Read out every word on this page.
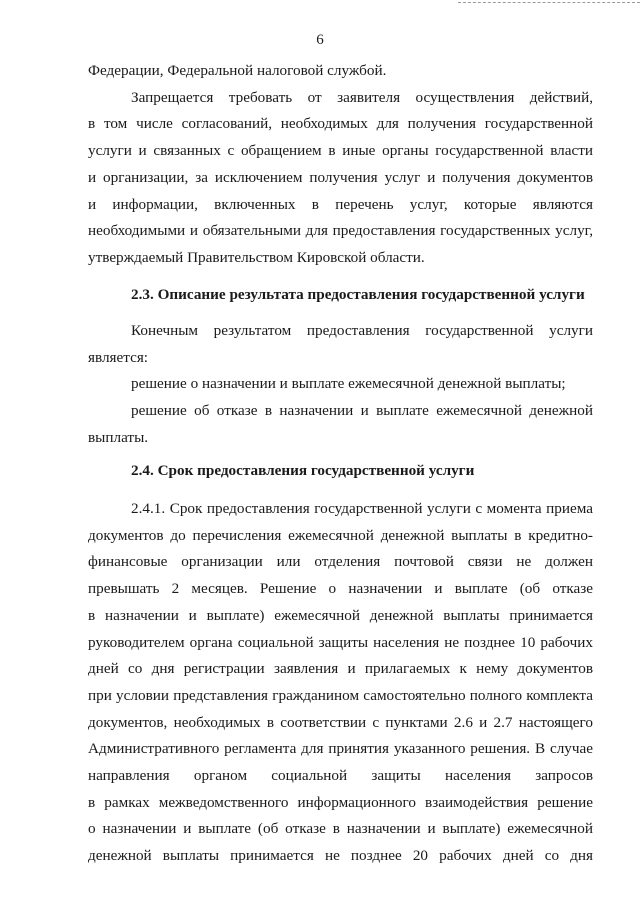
6
Федерации, Федеральной налоговой службой.
Запрещается требовать от заявителя осуществления действий,
в том числе согласований, необходимых для получения государственной
услуги и связанных с обращением в иные органы государственной власти
и организации, за исключением получения услуг и получения документов
и информации, включенных в перечень услуг, которые являются
необходимыми и обязательными для предоставления государственных услуг,
утверждаемый Правительством Кировской области.
2.3. Описание результата предоставления государственной услуги
Конечным результатом предоставления государственной услуги
является:
решение о назначении и выплате ежемесячной денежной выплаты;
решение об отказе в назначении и выплате ежемесячной денежной
выплаты.
2.4. Срок предоставления государственной услуги
2.4.1. Срок предоставления государственной услуги с момента приема
документов до перечисления ежемесячной денежной выплаты в кредитно-
финансовые организации или отделения почтовой связи не должен
превышать 2 месяцев. Решение о назначении и выплате (об отказе
в назначении и выплате) ежемесячной денежной выплаты принимается
руководителем органа социальной защиты населения не позднее 10 рабочих
дней со дня регистрации заявления и прилагаемых к нему документов
при условии представления гражданином самостоятельно полного комплекта
документов, необходимых в соответствии с пунктами 2.6 и 2.7 настоящего
Административного регламента для принятия указанного решения. В случае
направления органом социальной защиты населения запросов
в рамках межведомственного информационного взаимодействия решение
о назначении и выплате (об отказе в назначении и выплате) ежемесячной
денежной выплаты принимается не позднее 20 рабочих дней со дня
